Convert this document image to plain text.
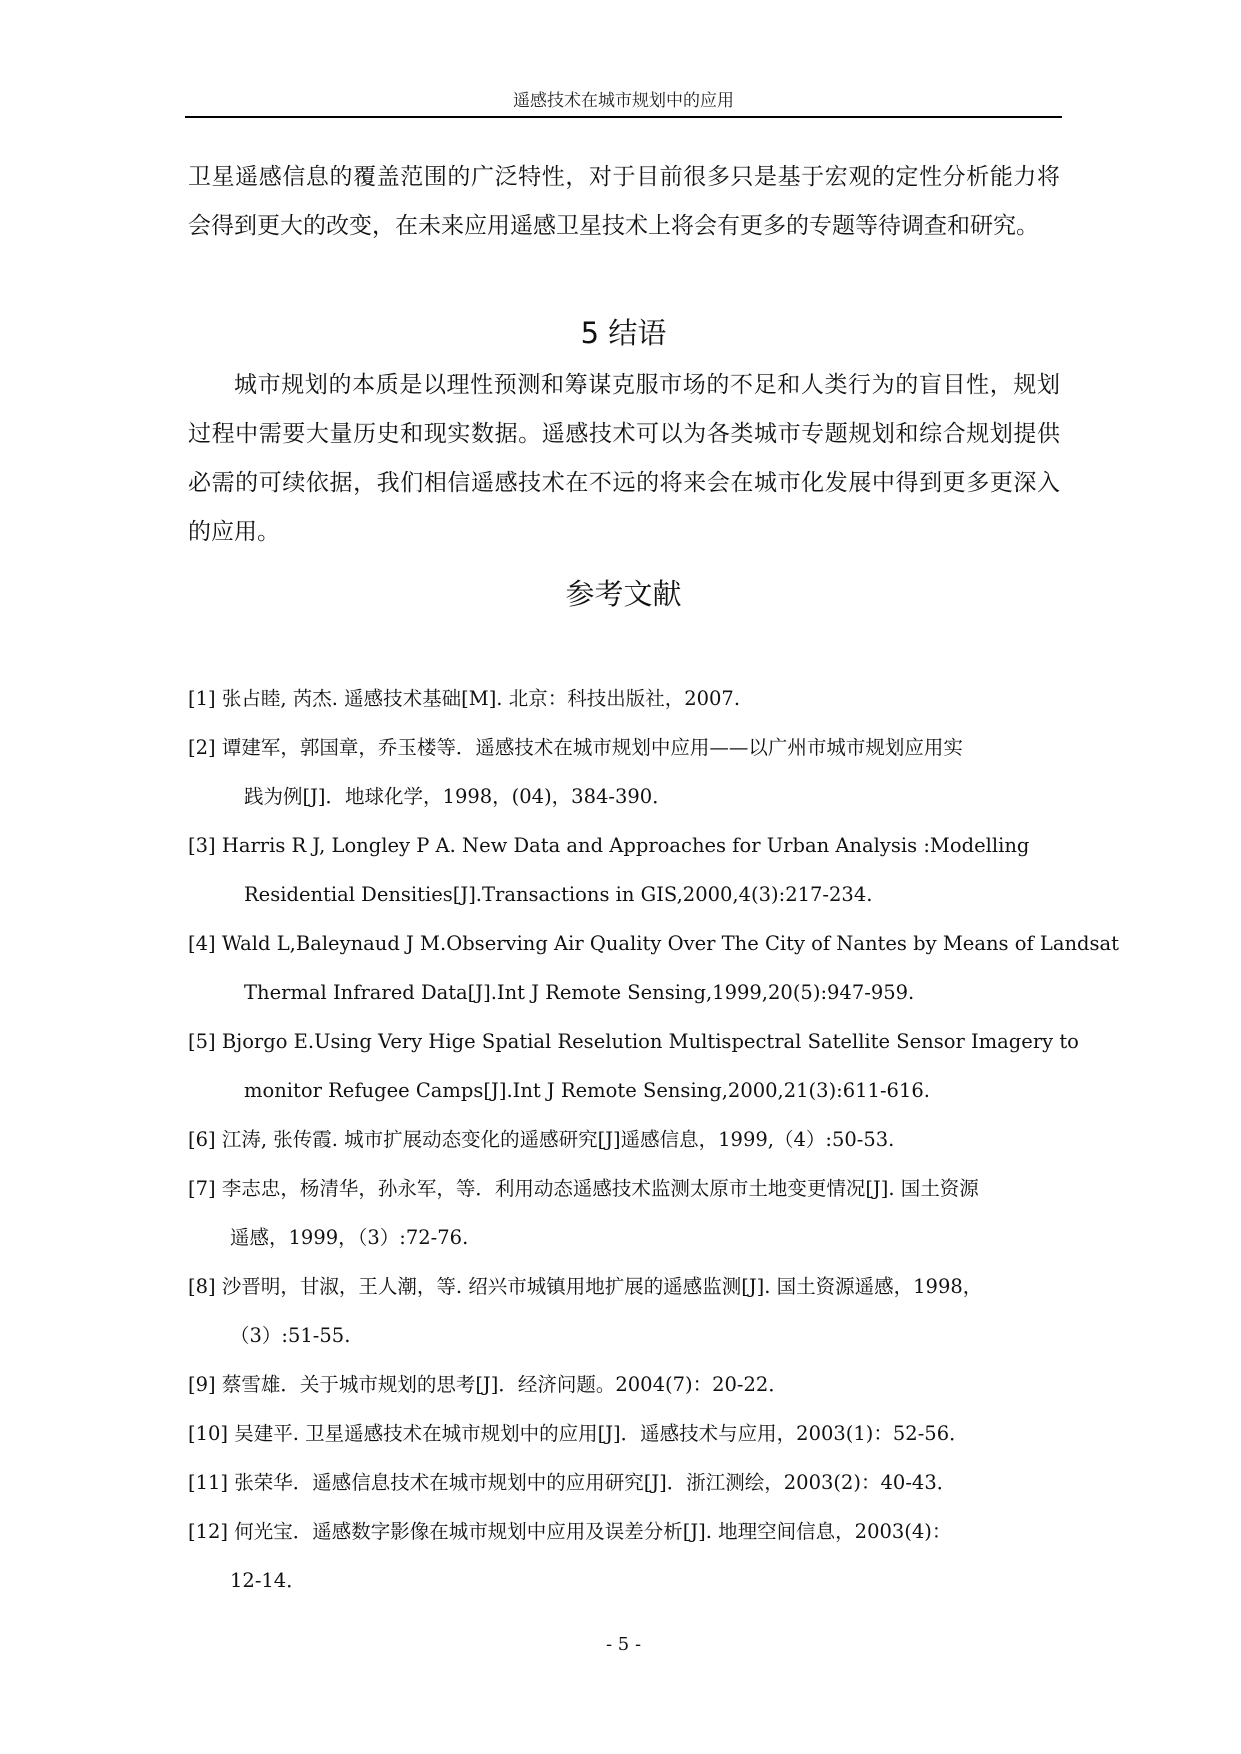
遥感技术在城市规划中的应用

卫星遥感信息的覆盖范围的广泛特性，对于目前很多只是基于宏观的定性分析能力将会得到更大的改变，在未来应用遥感卫星技术上将会有更多的专题等待调查和研究。

5 结语

城市规划的本质是以理性预测和筹谋克服市场的不足和人类行为的盲目性，规划过程中需要大量历史和现实数据。遥感技术可以为各类城市专题规划和综合规划提供必需的可续依据，我们相信遥感技术在不远的将来会在城市化发展中得到更多更深入的应用。

参考文献
[1] 张占睦, 芮杰. 遥感技术基础[M]. 北京：科技出版社，2007.
[2] 谭建军，郭国章，乔玉楼等．遥感技术在城市规划中应用——以广州市城市规划应用实
践为例[J]．地球化学，1998，(04)，384-390．
[3] Harris R J, Longley P A. New Data and Approaches for Urban Analysis :Modelling
Residential Densities[J].Transactions in GIS,2000,4(3):217-234.
[4] Wald L,Baleynaud J M.Observing Air Quality Over The City of Nantes by Means of Landsat
Thermal Infrared Data[J].Int J Remote Sensing,1999,20(5):947-959.
[5] Bjorgo E.Using Very Hige Spatial Reselution Multispectral Satellite Sensor Imagery to
monitor Refugee Camps[J].Int J Remote Sensing,2000,21(3):611-616.
[6] 江涛, 张传霞. 城市扩展动态变化的遥感研究[J]遥感信息，1999,（4）:50-53.
[7] 李志忠，杨清华，孙永军，等．利用动态遥感技术监测太原市土地变更情况[J]. 国土资源
遥感，1999，（3）:72-76.
[8] 沙晋明，甘淑，王人潮，等. 绍兴市城镇用地扩展的遥感监测[J]. 国土资源遥感，1998，
（3）:51-55.
[9] 蔡雪雄．关于城市规划的思考[J]．经济问题。2004(7)：20-22．
[10] 吴建平. 卫星遥感技术在城市规划中的应用[J]．遥感技术与应用，2003(1)：52-56．
[11] 张荣华．遥感信息技术在城市规划中的应用研究[J]．浙江测绘，2003(2)：40-43．
[12] 何光宝．遥感数字影像在城市规划中应用及误差分析[J]. 地理空间信息，2003(4)：
12-14．
- 5 -
